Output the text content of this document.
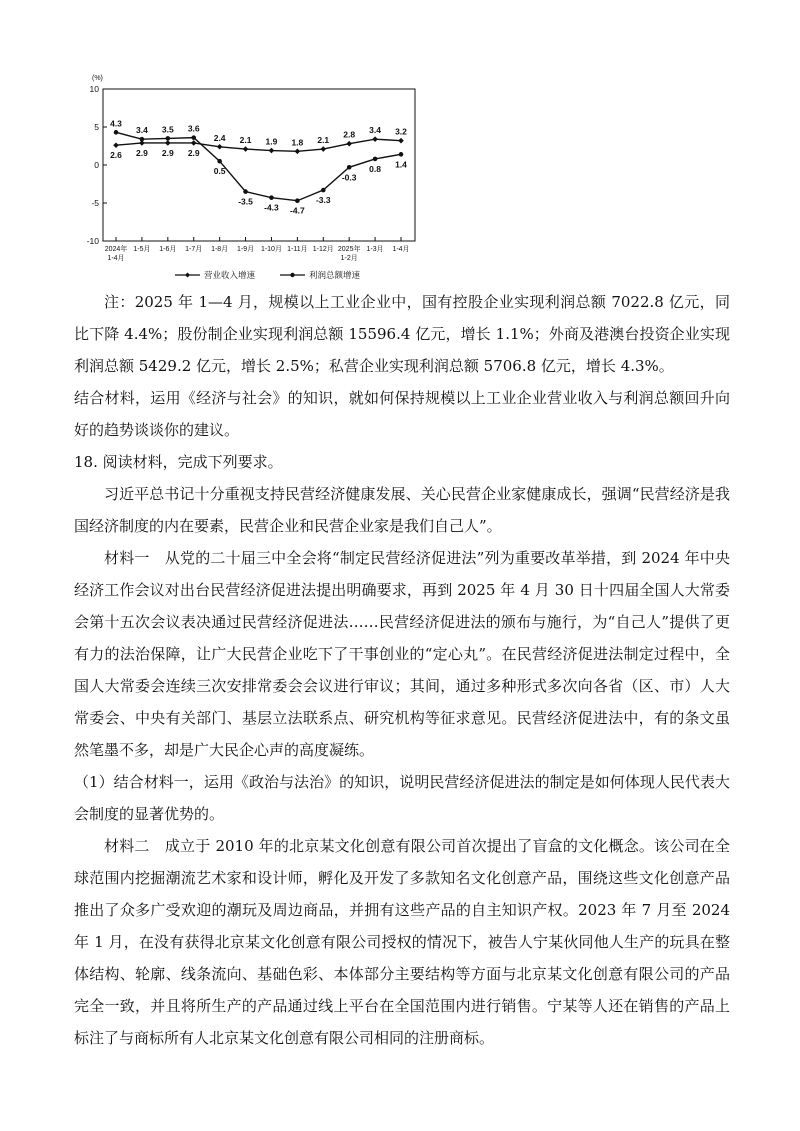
(%)
10
5
0
-5
-10
2024年
1-4月
1-5月 1-6月 1-7月 1-8月 1-9月 1-10月 1-11月 1-12月 2025年
1-2月
1-3月 1-4月
2.6 2.9 2.9 2.9
2.4 2.1 1.9 1.8 2.1
2.8 3.4 3.2
4.3
3.4 3.5 3.6
0.5
-3.5
-4.3 -4.7
-3.3
-0.3
0.8 1.4
营业收入增速	利润总额增速

注：2025 年 1—4 月，规模以上工业企业中，国有控股企业实现利润总额 7022.8 亿元，同比下降 4.4%；股份制企业实现利润总额 15596.4 亿元，增长 1.1%；外商及港澳台投资企业实现利润总额 5429.2 亿元，增长 2.5%；私营企业实现利润总额 5706.8 亿元，增长 4.3%。

结合材料，运用《经济与社会》的知识，就如何保持规模以上工业企业营业收入与利润总额回升向好的趋势谈谈你的建议。

18. 阅读材料，完成下列要求。

习近平总书记十分重视支持民营经济健康发展、关心民营企业家健康成长，强调“民营经济是我国经济制度的内在要素，民营企业和民营企业家是我们自己人”。

材料一　从党的二十届三中全会将“制定民营经济促进法”列为重要改革举措，到 2024 年中央经济工作会议对出台民营经济促进法提出明确要求，再到 2025 年 4 月 30 日十四届全国人大常委会第十五次会议表决通过民营经济促进法……民营经济促进法的颁布与施行，为“自己人”提供了更有力的法治保障，让广大民营企业吃下了干事创业的“定心丸”。在民营经济促进法制定过程中，全国人大常委会连续三次安排常委会会议进行审议；其间，通过多种形式多次向各省（区、市）人大常委会、中央有关部门、基层立法联系点、研究机构等征求意见。民营经济促进法中，有的条文虽然笔墨不多，却是广大民企心声的高度凝练。

（1）结合材料一，运用《政治与法治》的知识，说明民营经济促进法的制定是如何体现人民代表大会制度的显著优势的。

材料二　成立于 2010 年的北京某文化创意有限公司首次提出了盲盒的文化概念。该公司在全球范围内挖掘潮流艺术家和设计师，孵化及开发了多款知名文化创意产品，围绕这些文化创意产品推出了众多广受欢迎的潮玩及周边商品，并拥有这些产品的自主知识产权。2023 年 7 月至 2024 年 1 月，在没有获得北京某文化创意有限公司授权的情况下，被告人宁某伙同他人生产的玩具在整体结构、轮廓、线条流向、基础色彩、本体部分主要结构等方面与北京某文化创意有限公司的产品完全一致，并且将所生产的产品通过线上平台在全国范围内进行销售。宁某等人还在销售的产品上标注了与商标所有人北京某文化创意有限公司相同的注册商标。
